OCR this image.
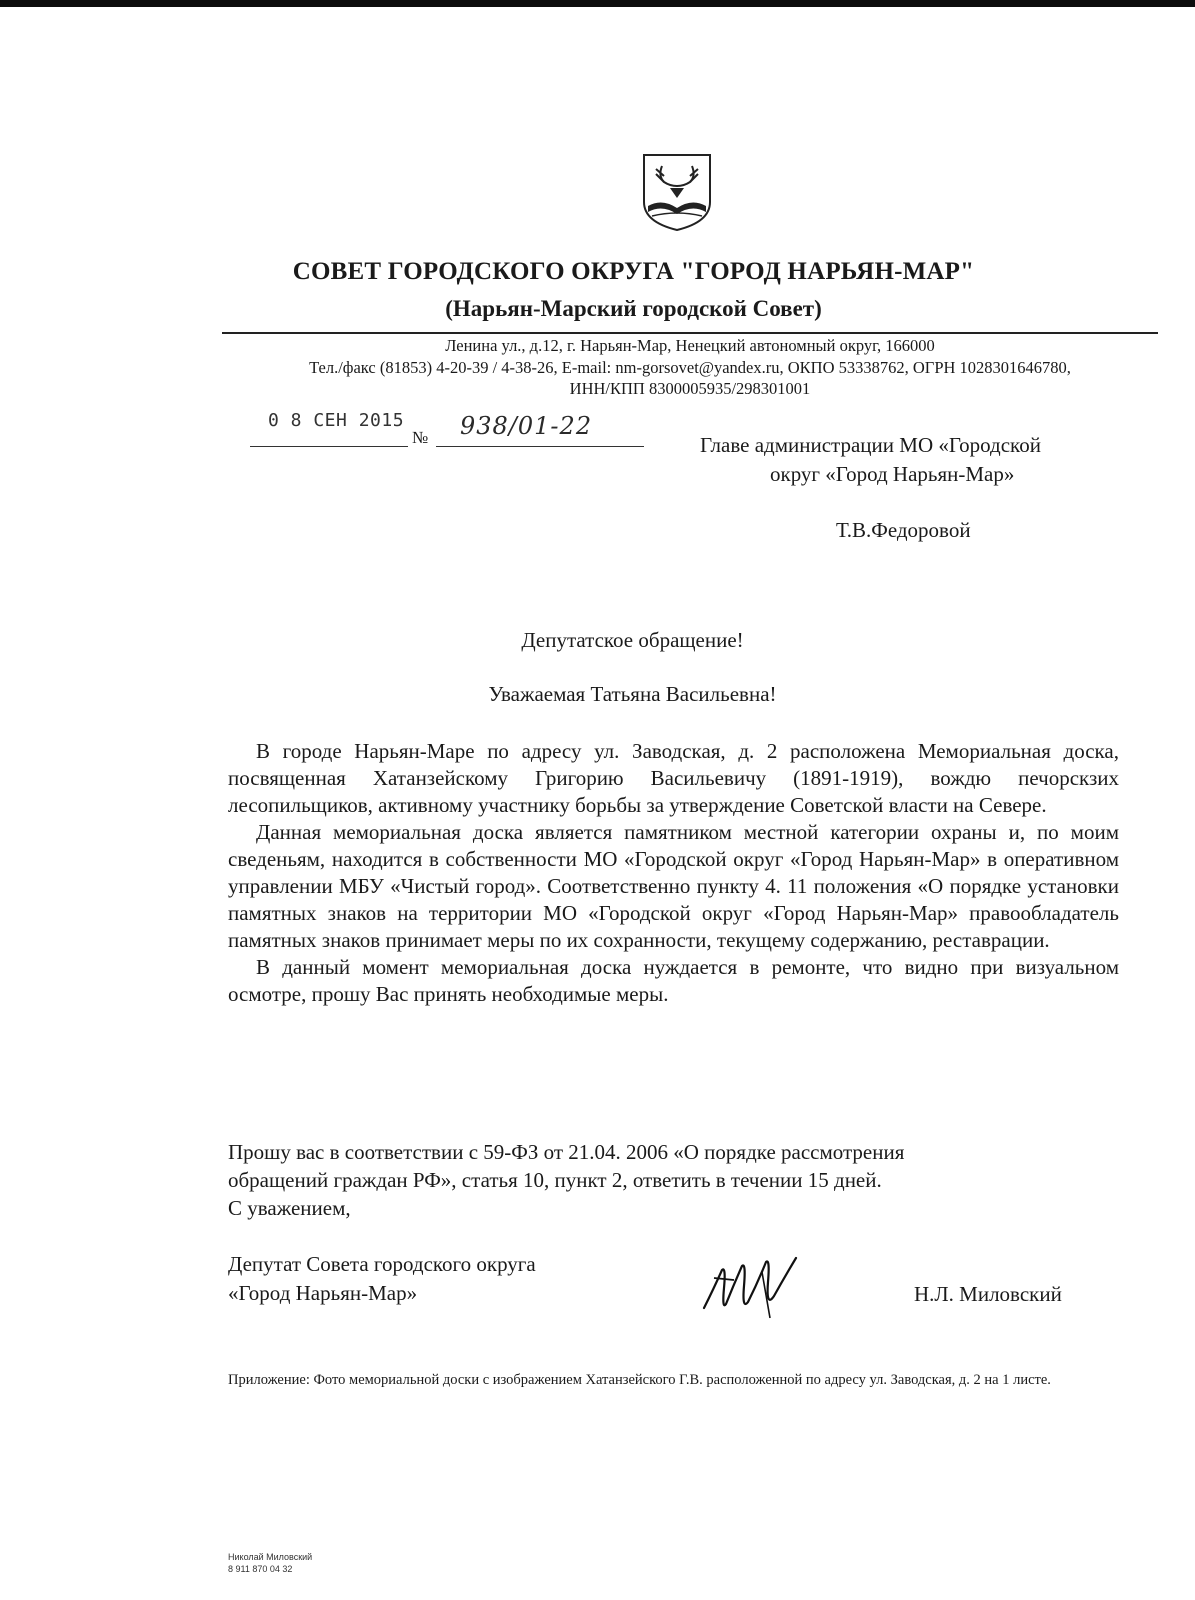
СОВЕТ ГОРОДСКОГО ОКРУГА "ГОРОД НАРЬЯН-МАР"
(Нарьян-Марский городской Совет)
Ленина ул., д.12, г. Нарьян-Мар, Ненецкий автономный округ, 166000
Тел./факс (81853) 4-20-39 / 4-38-26, E-mail: nm-gorsovet@yandex.ru, ОКПО 53338762, ОГРН 1028301646780,
ИНН/КПП 8300005935/298301001
0 8 СЕН 2015
№ 938/01-22
Главе администрации МО «Городской
округ «Город Нарьян-Мар»
Т.В.Федоровой
Депутатское обращение!
Уважаемая Татьяна Васильевна!

В городе Нарьян-Маре по адресу ул. Заводская, д. 2 расположена Мемориальная доска, посвященная Хатанзейскому Григорию Васильевичу (1891-1919), вождю печорскзих лесопильщиков, активному участнику борьбы за утверждение Советской власти на Севере.

Данная мемориальная доска является памятником местной категории охраны и, по моим сведеньям, находится в собственности МО «Городской округ «Город Нарьян-Мар» в оперативном управлении МБУ «Чистый город». Соответственно пункту 4. 11 положения «О порядке установки памятных знаков на территории МО «Городской округ «Город Нарьян-Мар» правообладатель памятных знаков принимает меры по их сохранности, текущему содержанию, реставрации.

В данный момент мемориальная доска нуждается в ремонте, что видно при визуальном осмотре, прошу Вас принять необходимые меры.

Прошу вас в соответствии с 59-ФЗ от 21.04. 2006 «О порядке рассмотрения
обращений граждан РФ», статья 10, пункт 2, ответить в течении 15 дней.
С уважением,
Депутат Совета городского округа
«Город Нарьян-Мар»	Н.Л. Миловский
Приложение: Фото мемориальной доски с изображением Хатанзейского Г.В. расположенной по адресу ул. Заводская, д. 2 на 1 листе.
Николай Миловский
8 911 870 04 32
